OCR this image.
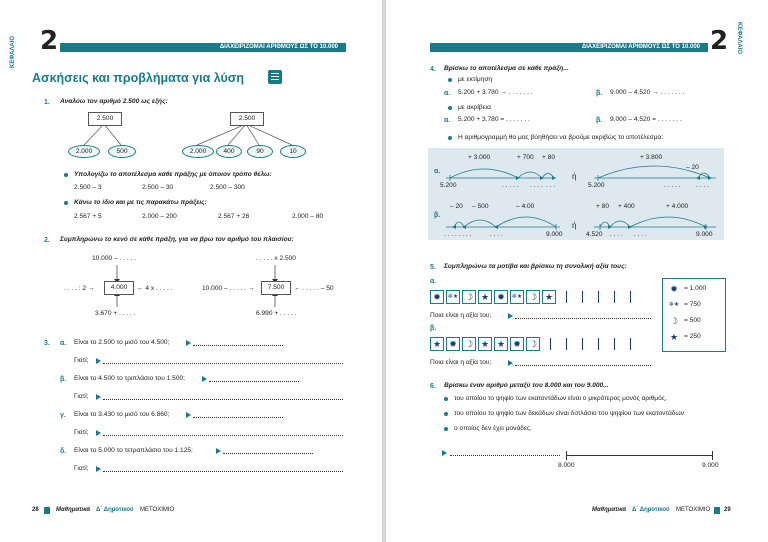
2
ΚΕΦΑΛΑΙΟ	ΔΙΑΧΕΙΡΙΖΟΜΑΙ ΑΡΙΘΜΟΥΣ ΩΣ ΤΟ 10.000
Ασκήσεις και προβλήματα για λύση
1. Αναλύω τον αριθμό 2.500 ως εξής:
2.500
2.000	500
2.500
2.000	400	90	10
Υπολογίζω το αποτέλεσμα κάθε πράξης με όποιον τρόπο θέλω:
2.500 – 3	2.500 – 30	2.500 – 300
Κάνω το ίδιο και με τις παρακάτω πράξεις:
2.567 + 5	2.000 – 200	2.567 + 26	2.000 – 80
2. Συμπληρώνω το κενό σε κάθε πράξη, για να βρω τον αριθμό του πλαισίου:
10.000 – . . . . .
. . . . : 2 →	4.000	← 4 x . . . . .
3.670 + . . . . .
. . . . . x 2.500
10.000 – . . . . . →	7.500	← . . . . . – 50
6.990 + . . . . .
3. α. Είναι το 2.500 το μισό του 4.500;
Γιατί;
β. Είναι το 4.500 το τριπλάσιο του 1.500;
Γιατί;
γ. Είναι το 3.430 το μισό του 6.860;
Γιατί;
δ. Είναι το 5.000 το τετραπλάσιο του 1.125;
Γιατί;
28	Μαθηματικά Δ΄ Δημοτικού ΜΕΤΟΧΙΜΙΟ
ΔΙΑΧΕΙΡΙΖΟΜΑΙ ΑΡΙΘΜΟΥΣ ΩΣ ΤΟ 10.000 2 ΚΕΦΑΛΑΙΟ
4. Βρίσκω το αποτέλεσμα σε κάθε πράξη...
με εκτίμηση
α. 5.200 + 3.780 → . . . . . . .	β. 9.000 – 4.520 → . . . . . . .
με ακρίβεια
α. 5.200 + 3.780 = . . . . . . .	β. 9.000 – 4.520 = . . . . . . .
Η αριθμογραμμή θα μας βοηθήσει να βρούμε ακριβώς το αποτέλεσμα:
α.
+ 3.000	+ 700 + 80
5.200	. . . . . . . . . . . .
ή
+ 3.800
– 20
5.200	. . . . . . . . .
β.
– 20 – 500	– 4.00
. . . . . . . .	. . . .	9.000
ή
+ 80 + 400	+ 4.000
4.520 . . . . . . . .	9.000
5. Συμπληρώνω τα μοτίβα και βρίσκω τη συνολική αξία τους:
α.
✹	✲★ ☽ ★ ✹	✲★ ☽ ★
Ποια είναι η αξία του;
β.
★ ✹ ☽ ★ ★ ✹ ☽
Ποια είναι η αξία του;
✹ = 1.000
✲★ = 750
☽ = 500
★ = 250
6. Βρίσκω έναν αριθμό μεταξύ του 8.000 και του 9.000...
του οποίου το ψηφίο των εκατοντάδων είναι ο μικρότερος μονός αριθμός,
του οποίου το ψηφίο των δεκάδων είναι διπλάσιο του ψηφίου των εκατοντάδων.
ο οποίος δεν έχει μονάδες.
8.000	9.000
Μαθηματικά Δ΄ Δημοτικού ΜΕΤΟΧΙΜΙΟ 29
